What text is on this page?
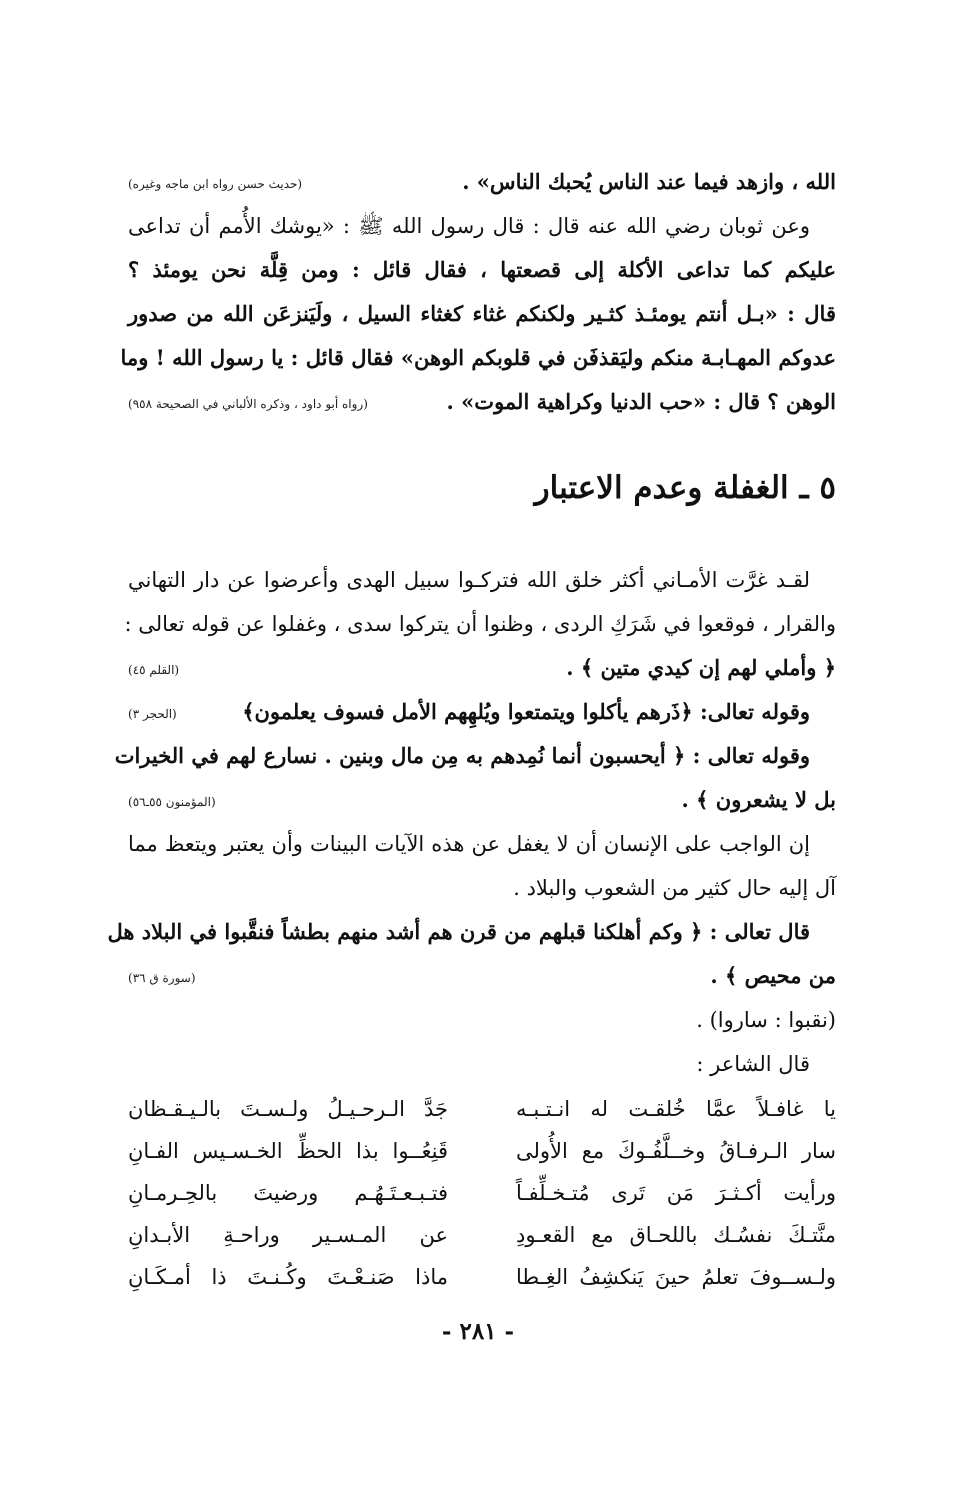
الله ، وازهد فيما عند الناس يُحبك الناس» .
(حديث حسن رواه ابن ماجه وغيره)
وعن ثوبان رضي الله عنه قال : قال رسول الله ﷺ : «يوشك الأُمم أن تداعى
عليكم كما تداعى الأكلة إلى قصعتها ، فقال قائل : ومن قِلَّة نحن يومئذ ؟
قال : «بـل أنتم يومئـذ كثـير ولكنكم غثاء كغثاء السيل ، ولَيَنزعَن الله من صدور
عدوكم المهـابـة منكم وليَقذفَن في قلوبكم الوهن» فقال قائل : يا رسول الله ! وما
الوهن ؟ قال : «حب الدنيا وكراهية الموت» .
(رواه أبو داود ، وذكره الألباني في الصحيحة ٩٥٨)
٥ ـ الغفلة وعدم الاعتبار
لقـد غرَّت الأمـاني أكثر خلق الله فتركـوا سبيل الهدى وأعرضوا عن دار التهاني
والقرار ، فوقعوا في شَرَكِ الردى ، وظنوا أن يتركوا سدى ، وغفلوا عن قوله تعالى :
﴿ وأملي لهم إن كيدي متين ﴾ .
(القلم ٤٥)
وقوله تعالى: ﴿ذَرهم يأكلوا ويتمتعوا ويُلهِهم الأمل فسوف يعلمون﴾
(الحجر ٣)
وقوله تعالى : ﴿ أيحسبون أنما نُمِدهم به مِن مال وبنين . نسارع لهم في الخيرات
بل لا يشعرون ﴾ .
(المؤمنون ٥٥ـ٥٦)
إن الواجب على الإنسان أن لا يغفل عن هذه الآيات البينات وأن يعتبر ويتعظ مما
آل إليه حال كثير من الشعوب والبلاد .
قال تعالى : ﴿ وكم أهلكنا قبلهم من قرن هم أشد منهم بطشاً فنقَّبوا في البلاد هل
من محيص ﴾ .
(سورة ق ٣٦)
(نقبوا : ساروا) .
قال الشاعر :
يا غافـلاً عمَّا خُلقـت له انـتـبـه
جَدَّ الـرحـيـلُ ولـسـتَ بالـيـقـظان
سار الـرفـاقُ وخــلَّفُـوكَ مع الأُولى
قَنِعُــوا بذا الحظِّ الخـسـيس الفـانِ
ورأيت أكـثـرَ مَن تَرى مُتـخـلِّفـاً
فتـبـعـتَـهُـم ورضيتَ بالحِـرمـانِ
منَّتـكَ نفسُـك باللحـاق مع القعـودِ
عن المـسـير وراحـةِ الأبـدانِ
ولـســوفَ تعلمُ حينَ يَنكشِفُ الغِـطا
ماذا صَنـعْـتَ وكُـنـتَ ذا أمـكَـانِ
- ٢٨١ -
